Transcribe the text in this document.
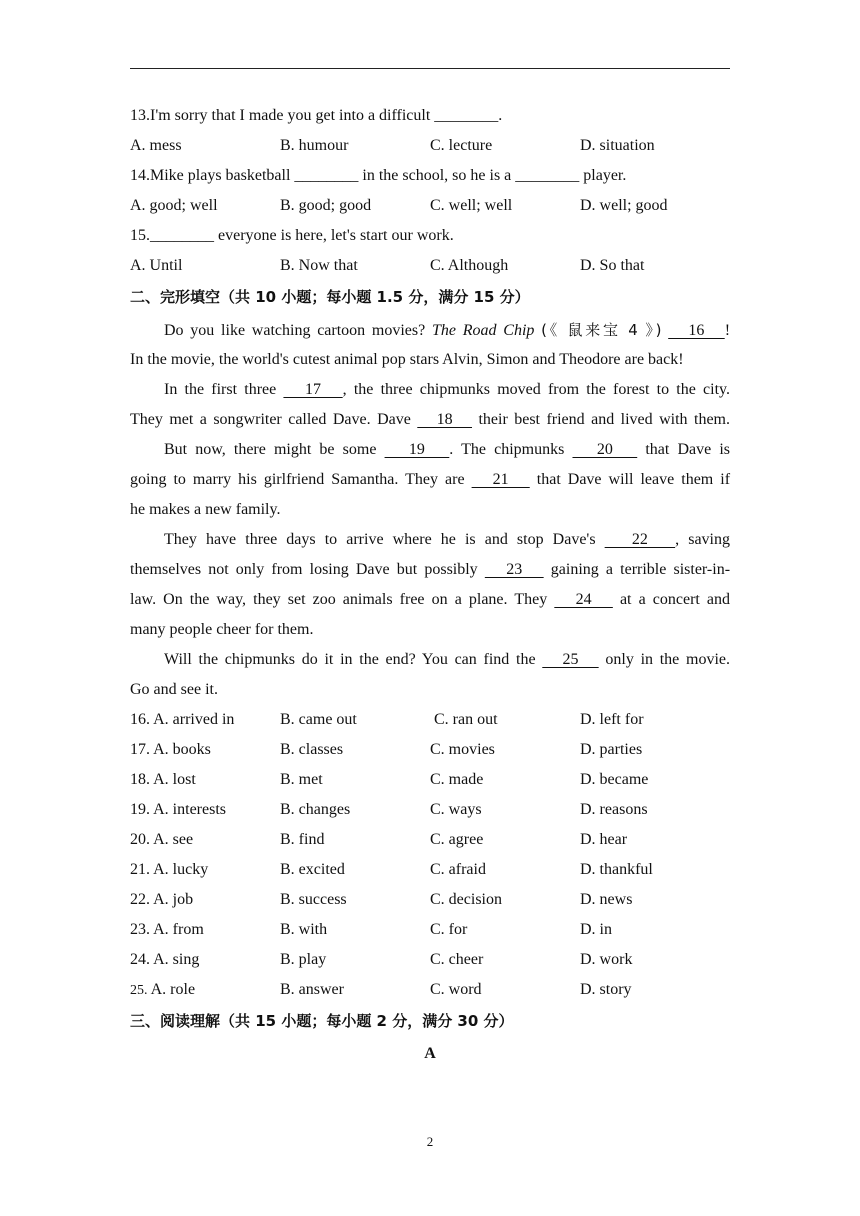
13.I'm sorry that I made you get into a difficult ________.
A. mess	B. humour	C. lecture	D. situation
14.Mike plays basketball ________ in the school, so he is a ________ player.
A. good; well	B. good; good	C. well; well	D. well; good
15.________ everyone is here, let's start our work.
A. Until	B. Now that	C. Although	D. So that
二、完形填空（共 10 小题；每小题 1.5 分，满分 15 分）
Do you like watching cartoon movies? The Road Chip (《 鼠来宝 4 》)    16   !
In the movie, the world's cutest animal pop stars Alvin, Simon and Theodore are back!
In the first three    17   , the three chipmunks moved from the forest to the city.
They met a songwriter called Dave. Dave    18    their best friend and lived with them.
But now, there might be some    19   . The chipmunks    20    that Dave is
going to marry his girlfriend Samantha. They are    21    that Dave will leave them if
he makes a new family.
They have three days to arrive where he is and stop Dave's    22   , saving
themselves not only from losing Dave but possibly    23    gaining a terrible sister-in-
law. On the way, they set zoo animals free on a plane. They    24    at a concert and
many people cheer for them.
Will the chipmunks do it in the end? You can find the    25    only in the movie.
Go and see it.
16. A. arrived in	B. came out	C. ran out	D. left for
17. A. books	B. classes	C. movies	D. parties
18. A. lost	B. met	C. made	D. became
19. A. interests	B. changes	C. ways	D. reasons
20. A. see	B. find	C. agree	D. hear
21. A. lucky	B. excited	C. afraid	D. thankful
22. A. job	B. success	C. decision	D. news
23. A. from	B. with	C. for	D. in
24. A. sing	B. play	C. cheer	D. work
25. A. role	B. answer	C. word	D. story
三、阅读理解（共 15 小题；每小题 2 分，满分 30 分）
A
2
